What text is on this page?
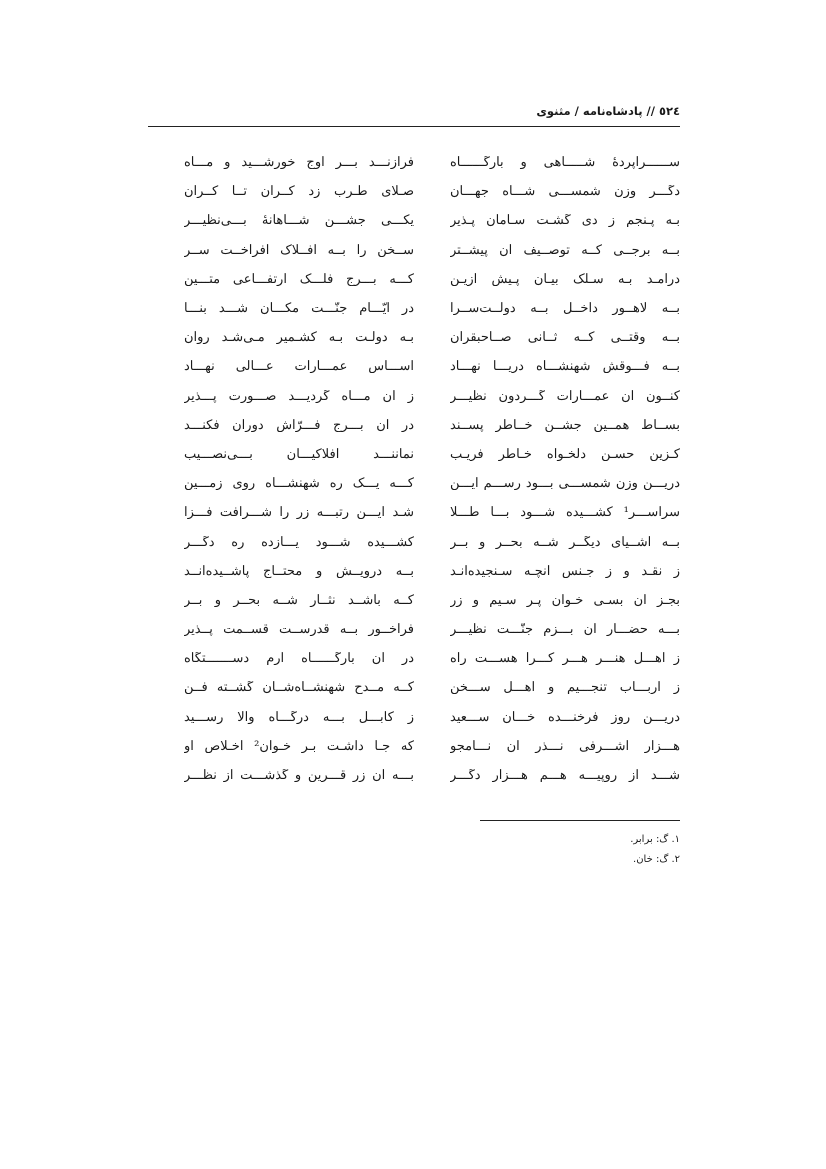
٥٢٤ // پادشاه‌نامه / مثنوی
ســــــراپردهٔ شـــــاهی و بارگــــــاه
فرازنـــد بـــر اوج خورشـــید و مـــاه
دگـــر وزن شمســـی شـــاه جهـــان
صـلای طـرب زد کــران تــا کــران
بـه پـنجم ز دی گشـت سـامان پـذیر
یکـــی جشـــن شـــاهانهٔ بـــی‌نظیـــر
بــه برجــی کــه توصــیف آن پیشــتر
ســخن را بــه افــلاک افراخــت ســر
درآمـد بـه سـلک بیـان پـیش ازیـن
کـــه بـــرج فلـــک ارتفـــاعی متـــین
بــه لاهــور داخــل بــه دولــت‌ســرا
در ایّـــام جنّـــت مکـــان شـــد بنـــا
بــه وقتــی کــه ثــانی صــاحبقران
بـه دولـت بـه کشـمیر مـی‌شـد روان
بــه فـــوقش شهنشـــاه دریـــا نهـــاد
اســـاس عمـــارات عـــالی نهـــاد
کنــون آن عمـــارات گـــردون نظیـــر
ز آن مـــاه گردیـــد صـــورت پـــذیر
بســاط همــین جشــن خــاطر پســند
در آن بـــرج فـــرّاش دوران فکنـــد
کـزین حسـن دلخـواه خـاطر فریـب
نماننـــد افلاکیـــان بـــی‌نصـــیب
دریـــن وزن شمســـی بـــود رســـم ایـــن
کـــه یـــک ره شهنشـــاه روی زمـــین
سراســـر¹ کشـــیده شـــود بـــا طـــلا
شـد ایـــن رتبـــه زر را شـــرافت فـــزا
بــه اشــیای دیگــر شــه بحــر و بــر
کشـــیده شـــود یـــازده ره دگـــر
ز نقـد و ز جـنس آنچـه سـنجیده‌انـد
بــه درویــش و محتــاج پاشــیده‌انــد
بجـز آن بسـی خـوان پـر سـیم و زر
کــه باشــد نثــار شــه بحــر و بــر
بـــه حضـــار آن بـــزم جنّـــت نظیـــر
فراخــور بــه قدرســت قســمت پــذیر
ز اهـــل هنـــر هـــر کـــرا هســـت راه
در آن بارگــــــاه ارم دســـــــتگاه
ز اربـــاب تنجـــیم و اهـــل ســـخن
کــه مــدح شهنشــاه‌شــان گشــته فــن
دریـــن روز فرخنـــده خـــان ســـعید
ز کابـــل بـــه درگـــاه والا رســـید
هـــزار اشـــرفی نـــذر آن نـــامجو
که جـا داشـت بـر خـوان² اخـلاص او
شـــد از روپیـــه هـــم هـــزار دگـــر
بـــه آن زر قـــرین و گذشـــت از نظـــر
۱. گ: برابر.
۲. گ: خان.
